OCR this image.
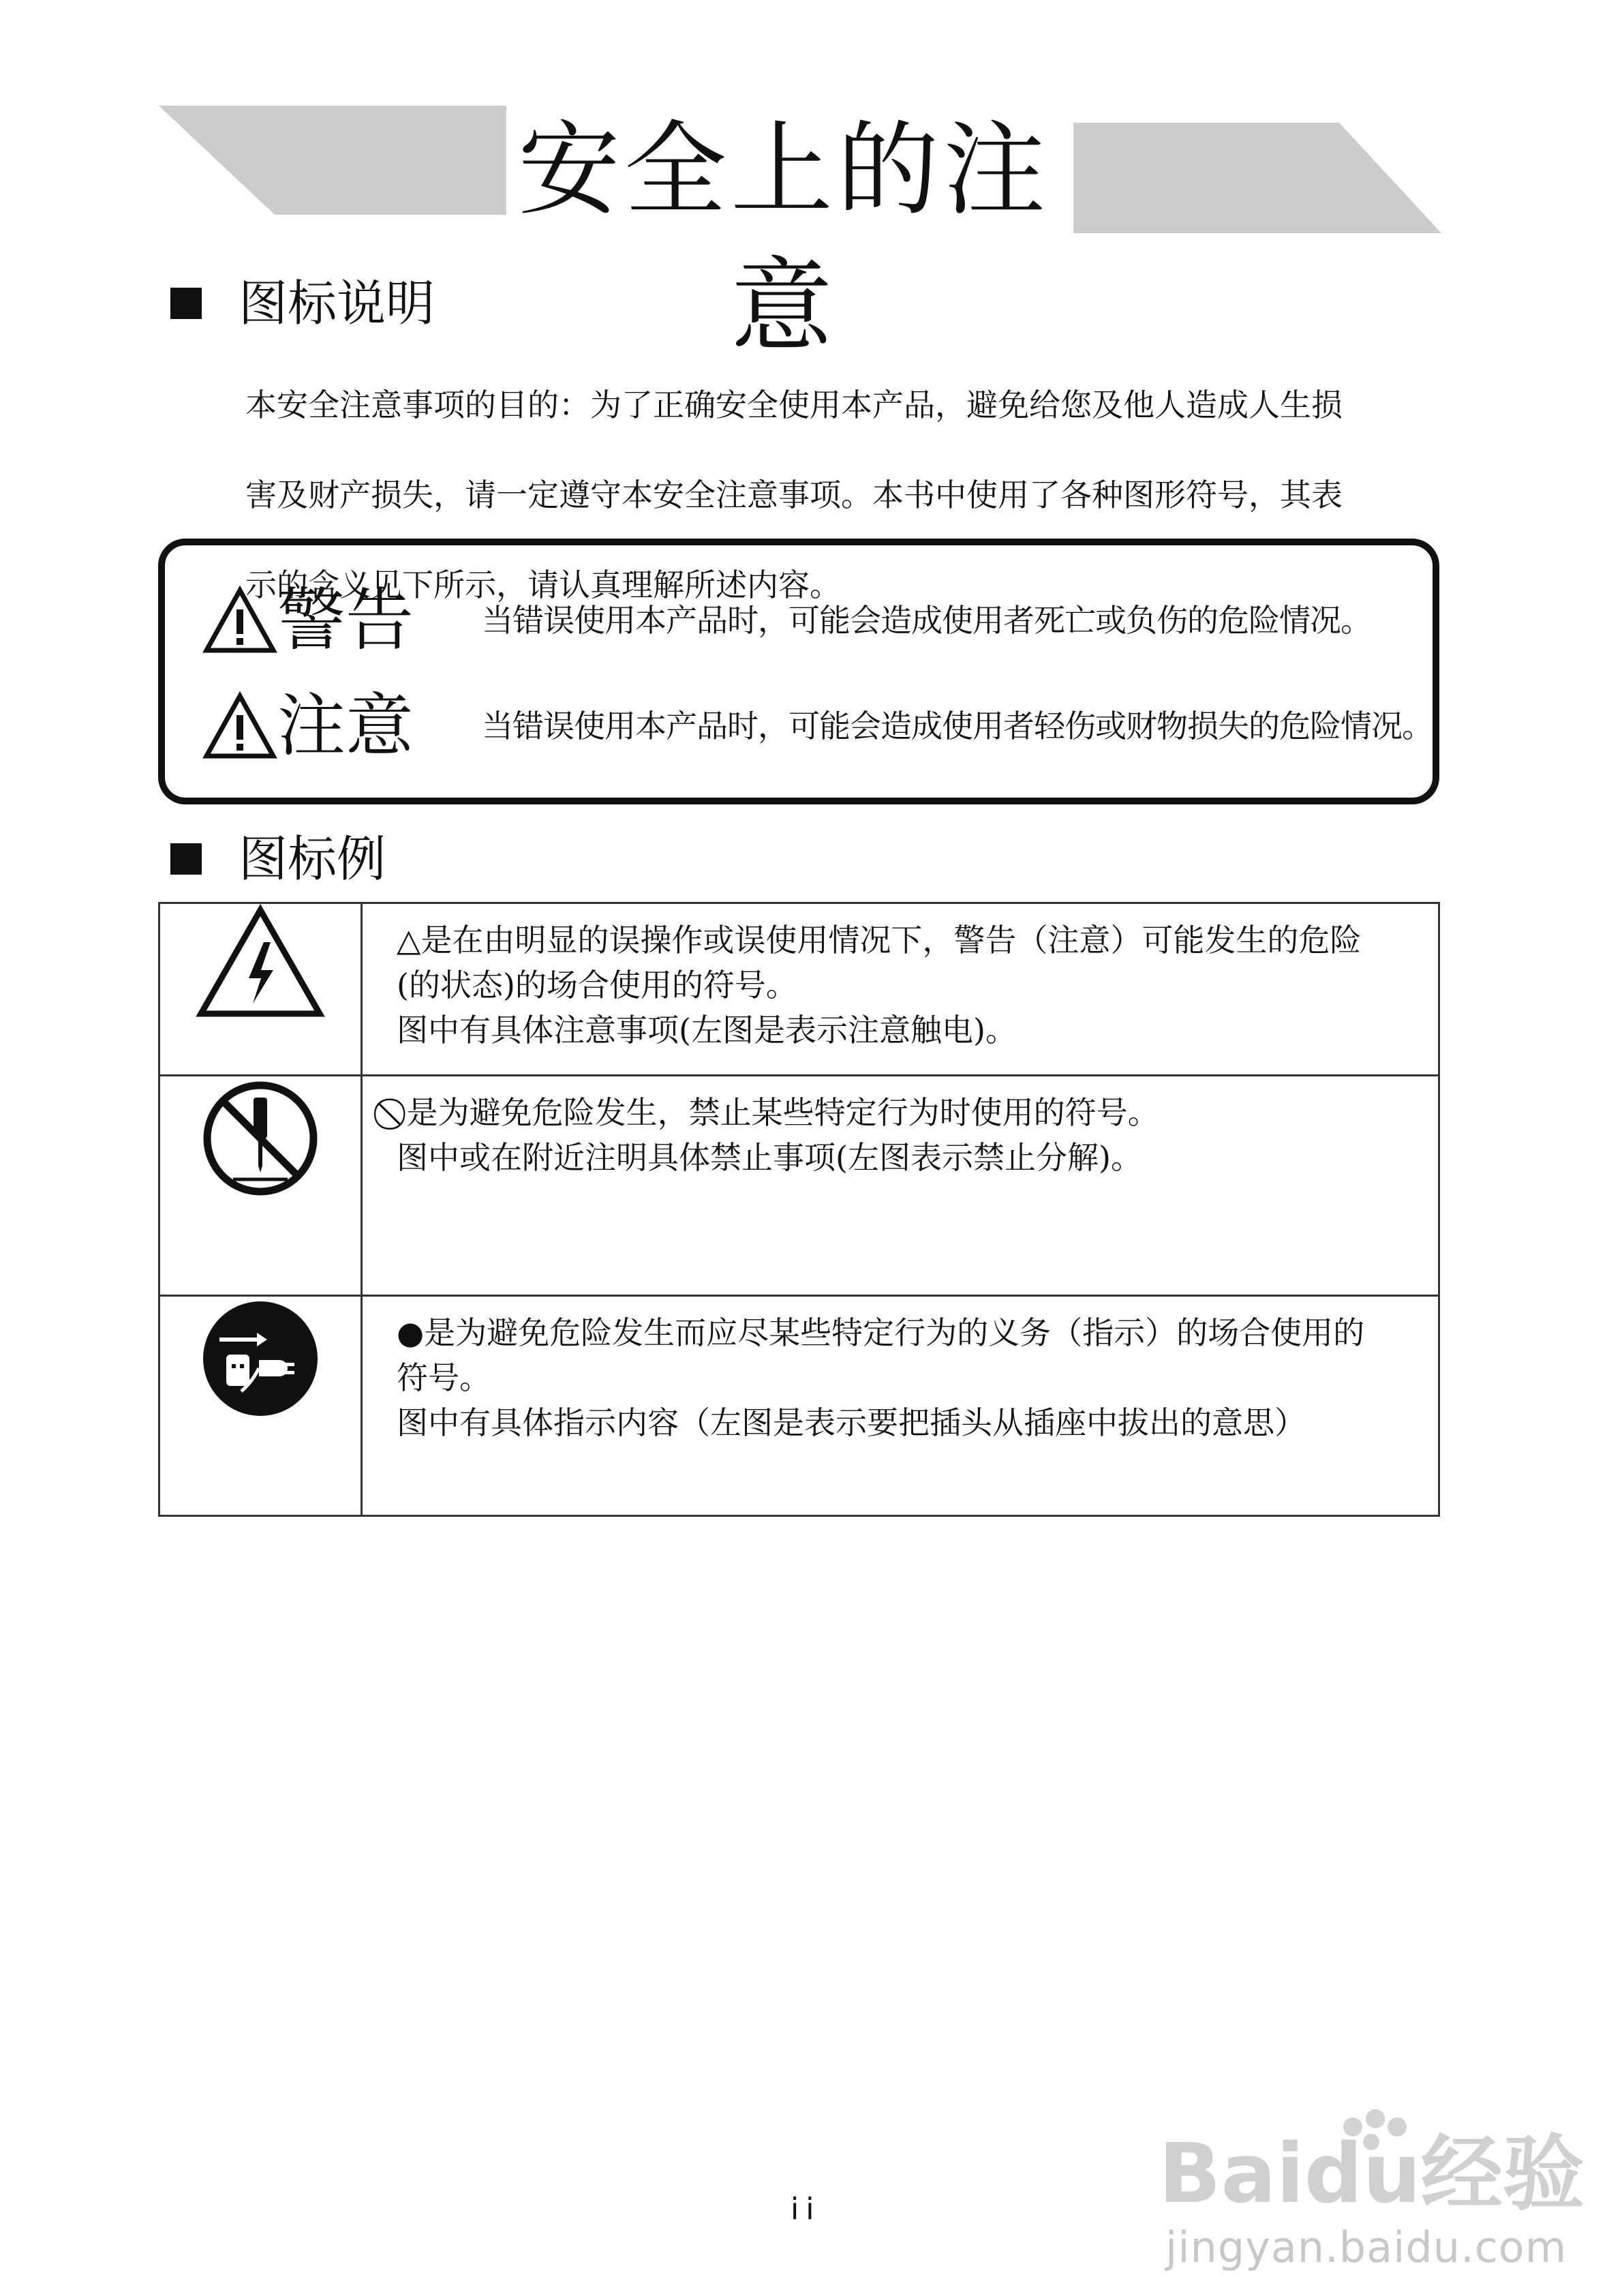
安全上的注意
图标说明

本安全注意事项的目的：为了正确安全使用本产品，避免给您及他人造成人生损

害及财产损失，请一定遵守本安全注意事项。本书中使用了各种图形符号，其表

示的含义见下所示，请认真理解所述内容。

警告	当错误使用本产品时，可能会造成使用者死亡或负伤的危险情况。
注意	当错误使用本产品时，可能会造成使用者轻伤或财物损失的危险情况。
图标例

△是在由明显的误操作或误使用情况下，警告（注意）可能发生的危险
(的状态)的场合使用的符号。
图中有具体注意事项(左图是表示注意触电)。

⃠ 是为避免危险发生，禁止某些特定行为时使用的符号。
图中或在附近注明具体禁止事项(左图表示禁止分解)。

●是为避免危险发生而应尽某些特定行为的义务（指示）的场合使用的
符号。
图中有具体指示内容（左图是表示要把插头从插座中拔出的意思）
ii	Baidu经验
jingyan.baidu.com
